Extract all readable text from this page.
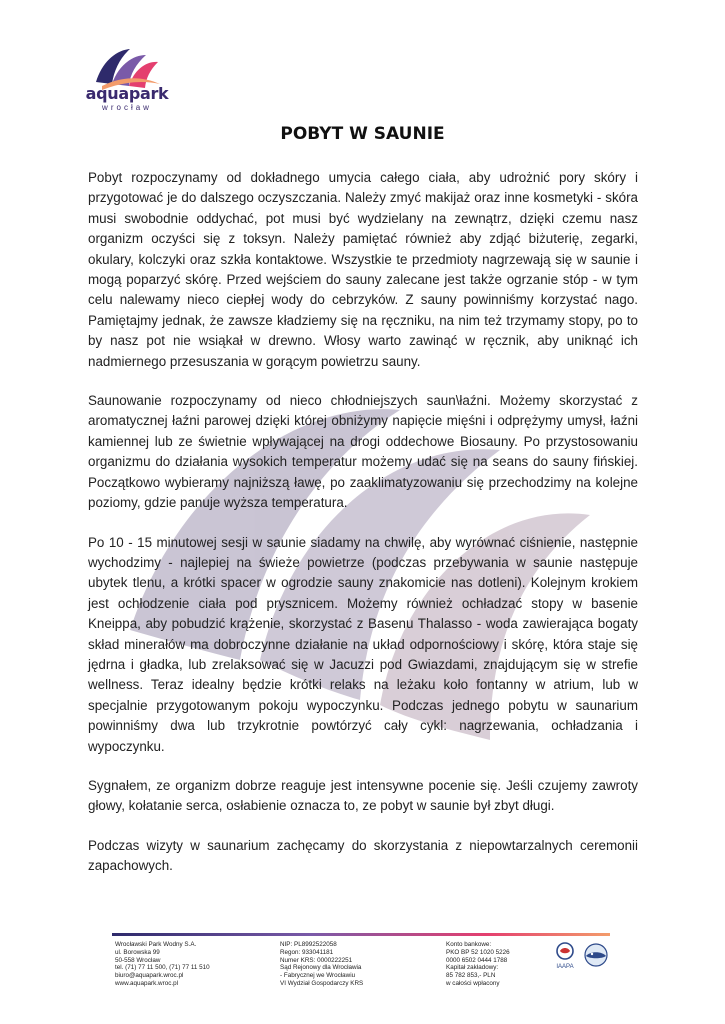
aquapark
wrocław
POBYT W SAUNIE

Pobyt rozpoczynamy od dokładnego umycia całego ciała, aby udrożnić pory skóry i przygotować je do dalszego oczyszczania. Należy zmyć makijaż oraz inne kosmetyki - skóra musi swobodnie oddychać, pot musi być wydzielany na zewnątrz, dzięki czemu nasz organizm oczyści się z toksyn. Należy pamiętać również aby zdjąć biżuterię, zegarki, okulary, kolczyki oraz szkła kontaktowe. Wszystkie te przedmioty nagrzewają się w saunie i mogą poparzyć skórę. Przed wejściem do sauny zalecane jest także ogrzanie stóp - w tym celu nalewamy nieco ciepłej wody do cebrzyków. Z sauny powinniśmy korzystać nago. Pamiętajmy jednak, że zawsze kładziemy się na ręczniku, na nim też trzymamy stopy, po to by nasz pot nie wsiąkał w drewno. Włosy warto zawinąć w ręcznik, aby uniknąć ich nadmiernego przesuszania w gorącym powietrzu sauny.

Saunowanie rozpoczynamy od nieco chłodniejszych saun\łaźni. Możemy skorzystać z aromatycznej łaźni parowej dzięki której obniżymy napięcie mięśni i odprężymy umysł, łaźni kamiennej lub ze świetnie wpływającej na drogi oddechowe Biosauny. Po przystosowaniu organizmu do działania wysokich temperatur możemy udać się na seans do sauny fińskiej. Początkowo wybieramy najniższą ławę, po zaaklimatyzowaniu się przechodzimy na kolejne poziomy, gdzie panuje wyższa temperatura.

Po 10 - 15 minutowej sesji w saunie siadamy na chwilę, aby wyrównać ciśnienie, następnie wychodzimy - najlepiej na świeże powietrze (podczas przebywania w saunie następuje ubytek tlenu, a krótki spacer w ogrodzie sauny znakomicie nas dotleni). Kolejnym krokiem jest ochłodzenie ciała pod prysznicem. Możemy również ochładzać stopy w basenie Kneippa, aby pobudzić krążenie, skorzystać z Basenu Thalasso - woda zawierająca bogaty skład minerałów ma dobroczynne działanie na układ odpornościowy i skórę, która staje się jędrna i gładka, lub zrelaksować się w Jacuzzi pod Gwiazdami, znajdującym się w strefie wellness. Teraz idealny będzie krótki relaks na leżaku koło fontanny w atrium, lub w specjalnie przygotowanym pokoju wypoczynku. Podczas jednego pobytu w saunarium powinniśmy dwa lub trzykrotnie powtórzyć cały cykl: nagrzewania, ochładzania i wypoczynku.

Sygnałem, ze organizm dobrze reaguje jest intensywne pocenie się. Jeśli czujemy zawroty głowy, kołatanie serca, osłabienie oznacza to, ze pobyt w saunie był zbyt długi.

Podczas wizyty w saunarium zachęcamy do skorzystania z niepowtarzalnych ceremonii zapachowych.

Wrocławski Park Wodny S.A.
ul. Borowska 99
50-558 Wrocław
tel. (71) 77 11 500, (71) 77 11 510
biuro@aquapark.wroc.pl
www.aquapark.wroc.pl
NIP: PL8992522058
Regon: 933041181
Numer KRS: 0000222251
Sąd Rejonowy dla Wrocławia
- Fabrycznej we Wrocławiu
VI Wydział Gospodarczy KRS
Konto bankowe:
PKO BP 52 1020 5226
0000 6502 0444 1788
Kapitał zakładowy:
85 782 853,- PLN
w całości wpłacony
IAAPA
